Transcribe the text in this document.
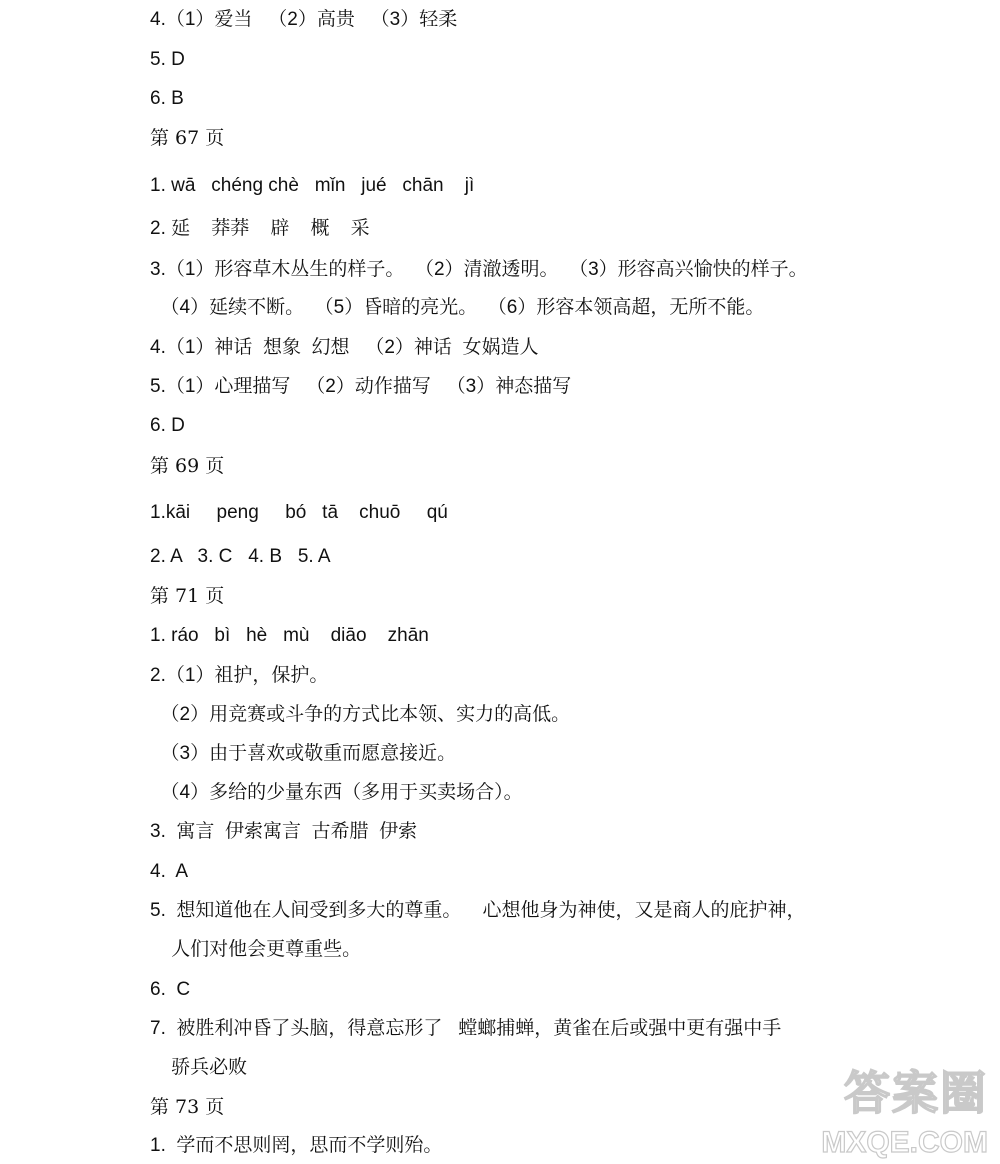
4.（1）爱当   （2）高贵   （3）轻柔
5. D
6. B
第 67 页
1. wā   chéng chè   mǐn   jué   chān    jì
2. 延    莽莽    辟    概    采
3.（1）形容草木丛生的样子。  （2）清澈透明。  （3）形容高兴愉快的样子。
（4）延续不断。  （5）昏暗的亮光。  （6）形容本领高超，无所不能。
4.（1）神话  想象  幻想   （2）神话  女娲造人
5.（1）心理描写   （2）动作描写   （3）神态描写
6. D
第 69 页
1.kāi     peng     bó   tā    chuō     qú
2. A   3. C   4. B   5. A
第 71 页
1. ráo   bì   hè   mù    diāo    zhān
2.（1）祖护，保护。
（2）用竞赛或斗争的方式比本领、实力的高低。
（3）由于喜欢或敬重而愿意接近。
（4）多给的少量东西（多用于买卖场合）。
3.  寓言  伊索寓言  古希腊  伊索
4.  A
5.  想知道他在人间受到多大的尊重。    心想他身为神使，又是商人的庇护神，
人们对他会更尊重些。
6.  C
7.  被胜利冲昏了头脑，得意忘形了   螳螂捕蝉，黄雀在后或强中更有强中手
骄兵必败
第 73 页
1.  学而不思则罔，思而不学则殆。
答案圈
MXQE.COM
